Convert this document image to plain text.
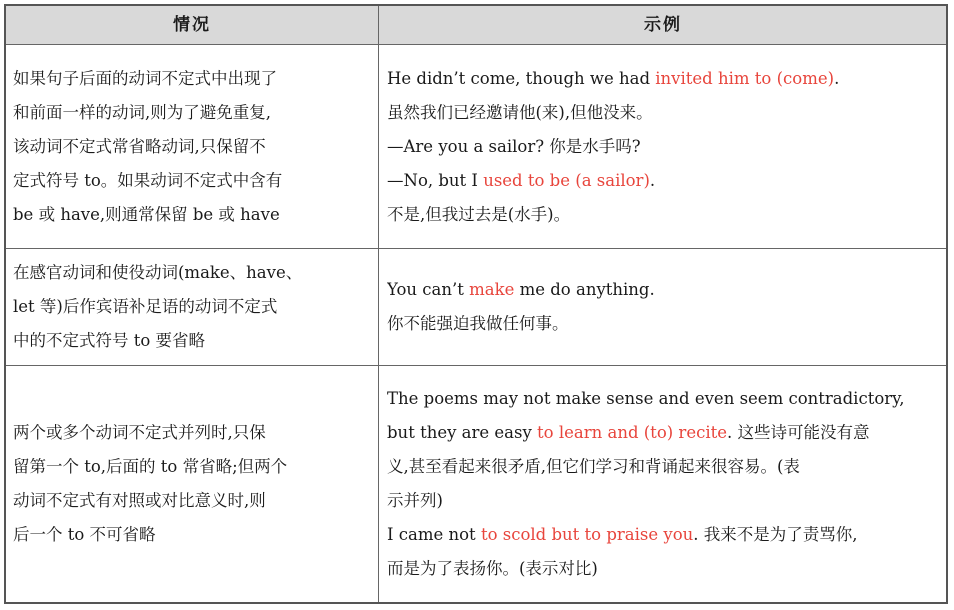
情况	示例
如果句子后面的动词不定式中出现了
和前面一样的动词,则为了避免重复,
该动词不定式常省略动词,只保留不
定式符号 to。如果动词不定式中含有
be 或 have,则通常保留 be 或 have
He didn’t come, though we had invited him to (come).
虽然我们已经邀请他(来),但他没来。
—Are you a sailor? 你是水手吗?
—No, but I used to be (a sailor).
不是,但我过去是(水手)。
在感官动词和使役动词(make、have、
let 等)后作宾语补足语的动词不定式
中的不定式符号 to 要省略
You can’t make me do anything.
你不能强迫我做任何事。
两个或多个动词不定式并列时,只保
留第一个 to,后面的 to 常省略;但两个
动词不定式有对照或对比意义时,则
后一个 to 不可省略
The poems may not make sense and even seem contradictory,
but they are easy to learn and (to) recite. 这些诗可能没有意
义,甚至看起来很矛盾,但它们学习和背诵起来很容易。(表
示并列)
I came not to scold but to praise you. 我来不是为了责骂你,
而是为了表扬你。(表示对比)
